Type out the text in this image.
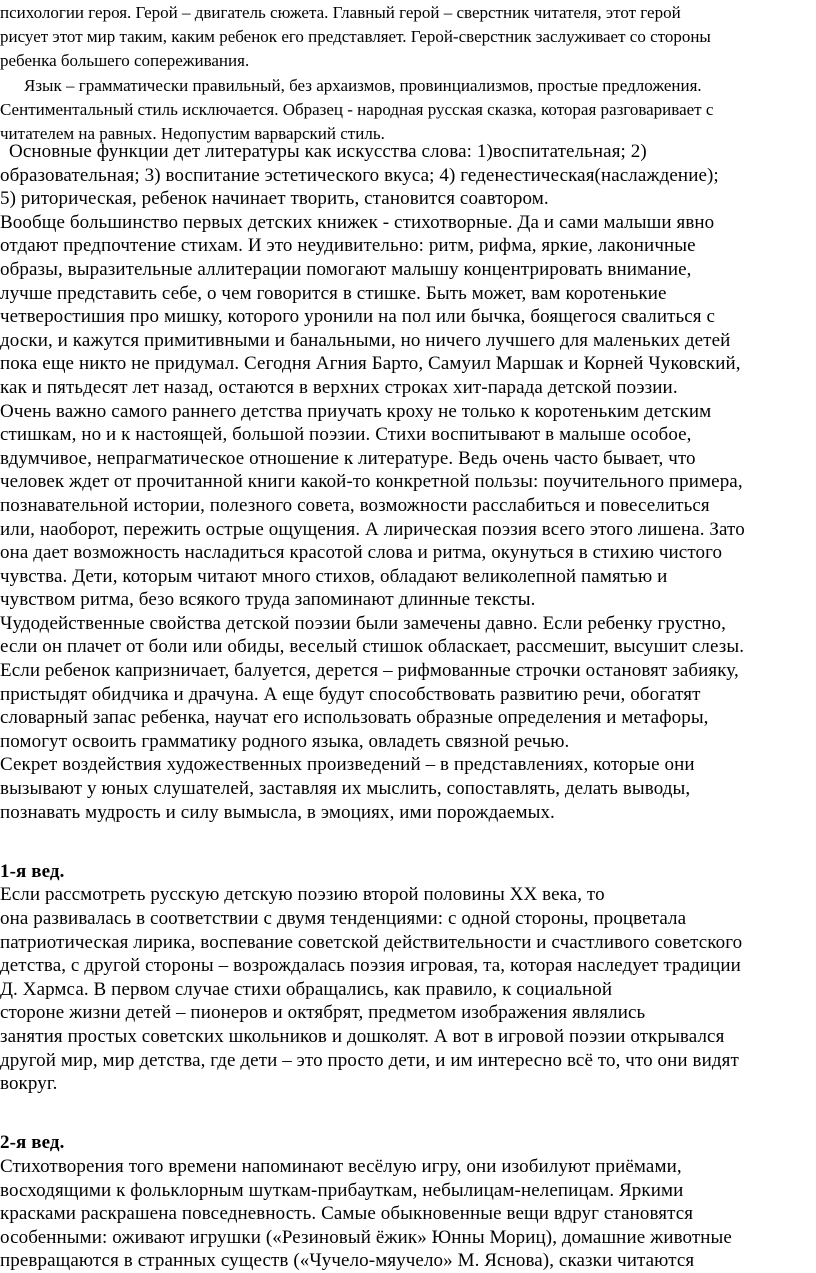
психологии героя. Герой – двигатель сюжета. Главный герой – сверстник читателя, этот герой
рисует этот мир таким, каким ребенок его представляет. Герой-сверстник заслуживает со стороны
ребенка большего сопереживания.
Язык – грамматически правильный, без архаизмов, провинциализмов, простые предложения.
Сентиментальный стиль исключается. Образец - народная русская сказка, которая разговаривает с
читателем на равных. Недопустим варварский стиль.
Основные функции дет литературы как искусства слова: 1)воспитательная; 2)
образовательная; 3) воспитание эстетического вкуса; 4) геденестическая(наслаждение);
5) риторическая, ребенок начинает творить, становится соавтором.
Вообще большинство первых детских книжек - стихотворные. Да и сами малыши явно
отдают предпочтение стихам. И это неудивительно: ритм, рифма, яркие, лаконичные
образы, выразительные аллитерации помогают малышу концентрировать внимание,
лучше представить себе, о чем говорится в стишке. Быть может, вам коротенькие
четверостишия про мишку, которого уронили на пол или бычка, боящегося свалиться с
доски, и кажутся примитивными и банальными, но ничего лучшего для маленьких детей
пока еще никто не придумал. Сегодня Агния Барто, Самуил Маршак и Корней Чуковский,
как и пятьдесят лет назад, остаются в верхних строках хит-парада детской поэзии.
Очень важно самого раннего детства приучать кроху не только к коротеньким детским
стишкам, но и к настоящей, большой поэзии. Стихи воспитывают в малыше особое,
вдумчивое, непрагматическое отношение к литературе. Ведь очень часто бывает, что
человек ждет от прочитанной книги какой-то конкретной пользы: поучительного примера,
познавательной истории, полезного совета, возможности расслабиться и повеселиться
или, наоборот, пережить острые ощущения. А лирическая поэзия всего этого лишена. Зато
она дает возможность насладиться красотой слова и ритма, окунуться в стихию чистого
чувства. Дети, которым читают много стихов, обладают великолепной памятью и
чувством ритма, безо всякого труда запоминают длинные тексты.
Чудодейственные свойства детской поэзии были замечены давно. Если ребенку грустно,
если он плачет от боли или обиды, веселый стишок обласкает, рассмешит, высушит слезы.
Если ребенок капризничает, балуется, дерется – рифмованные строчки остановят забияку,
пристыдят обидчика и драчуна. А еще будут способствовать развитию речи, обогатят
словарный запас ребенка, научат его использовать образные определения и метафоры,
помогут освоить грамматику родного языка, овладеть связной речью.
Секрет воздействия художественных произведений – в представлениях, которые они
вызывают у юных слушателей, заставляя их мыслить, сопоставлять, делать выводы,
познавать мудрость и силу вымысла, в эмоциях, ими порождаемых.
1-я вед.
Если рассмотреть русскую детскую поэзию второй половины XX века, то
она развивалась в соответствии с двумя тенденциями: с одной стороны, процветала
патриотическая лирика, воспевание советской действительности и счастливого советского
детства, с другой стороны – возрождалась поэзия игровая, та, которая наследует традиции
Д. Хармса. В первом случае стихи обращались, как правило, к социальной
стороне жизни детей – пионеров и октябрят, предметом изображения являлись
занятия простых советских школьников и дошколят. А вот в игровой поэзии открывался
другой мир, мир детства, где дети – это просто дети, и им интересно всё то, что они видят
вокруг.
2-я вед.
Стихотворения того времени напоминают весёлую игру, они изобилуют приёмами,
восходящими к фольклорным шуткам-прибауткам, небылицам-нелепицам. Яркими
красками раскрашена повседневность. Самые обыкновенные вещи вдруг становятся
особенными: оживают игрушки («Резиновый ёжик» Юнны Мориц), домашние животные
превращаются в странных существ («Чучело-мяучело» М. Яснова), сказки читаются
